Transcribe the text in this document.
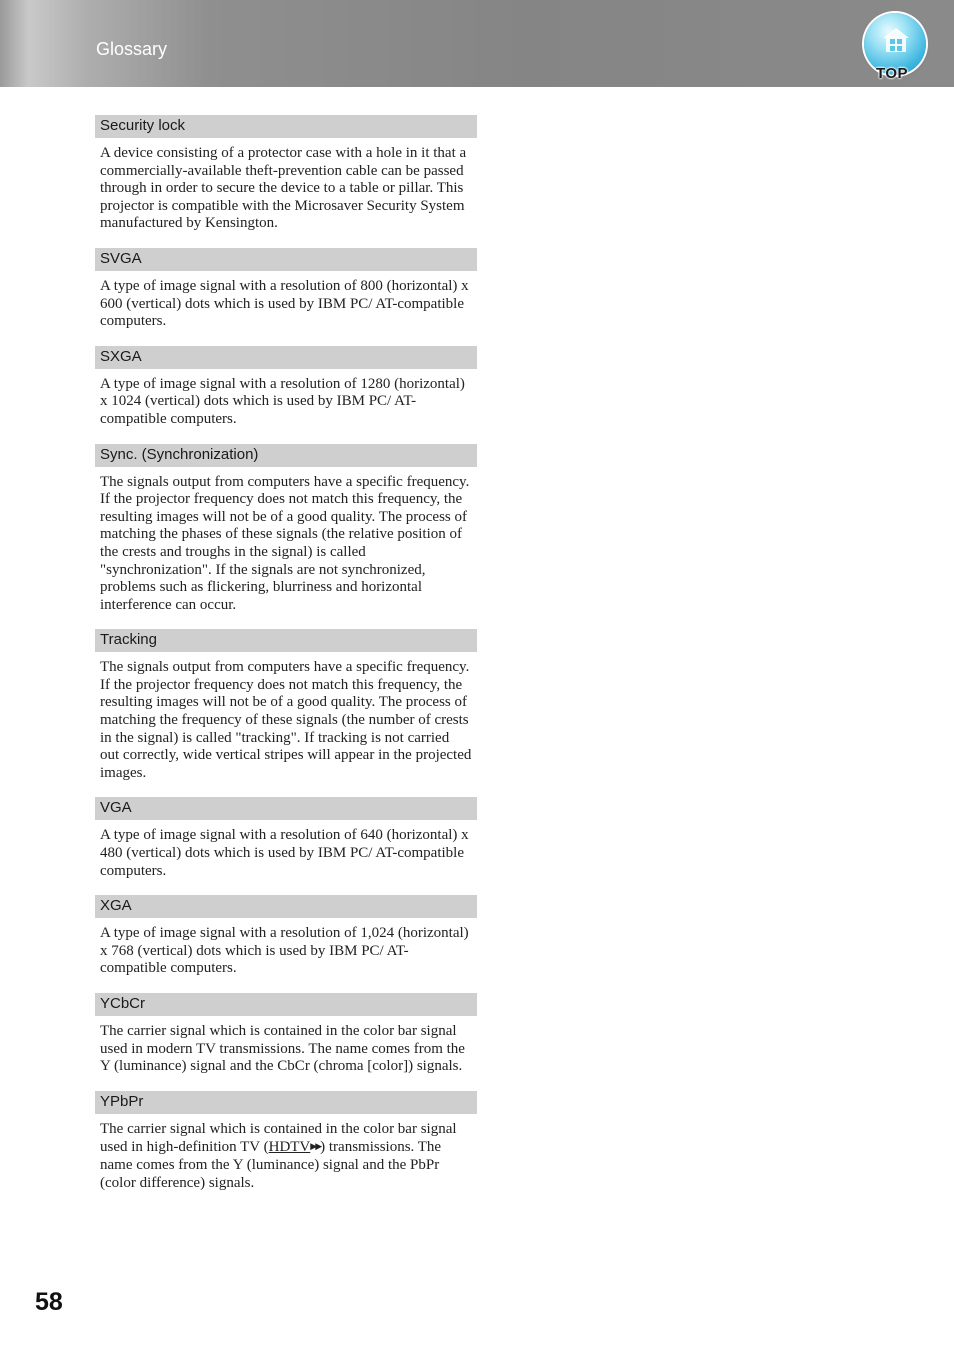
Glossary
TOP
Security lock
A device consisting of a protector case with a hole in it that a commercially-available theft-prevention cable can be passed through in order to secure the device to a table or pillar. This projector is compatible with the Microsaver Security System manufactured by Kensington.
SVGA
A type of image signal with a resolution of 800 (horizontal) x 600 (vertical) dots which is used by IBM PC/ AT-compatible computers.
SXGA
A type of image signal with a resolution of 1280 (horizontal) x 1024 (vertical) dots which is used by IBM PC/ AT-compatible computers.
Sync. (Synchronization)
The signals output from computers have a specific frequency. If the projector frequency does not match this frequency, the resulting images will not be of a good quality. The process of matching the phases of these signals (the relative position of the crests and troughs in the signal) is called "synchronization". If the signals are not synchronized, problems such as flickering, blurriness and horizontal interference can occur.
Tracking
The signals output from computers have a specific frequency. If the projector frequency does not match this frequency, the resulting images will not be of a good quality. The process of matching the frequency of these signals (the number of crests in the signal) is called "tracking". If tracking is not carried out correctly, wide vertical stripes will appear in the projected images.
VGA
A type of image signal with a resolution of 640 (horizontal) x 480 (vertical) dots which is used by IBM PC/ AT-compatible computers.
XGA
A type of image signal with a resolution of 1,024 (horizontal) x 768 (vertical) dots which is used by IBM PC/ AT-compatible computers.
YCbCr
The carrier signal which is contained in the color bar signal used in modern TV transmissions. The name comes from the Y (luminance) signal and the CbCr (chroma [color]) signals.
YPbPr
The carrier signal which is contained in the color bar signal used in high-definition TV (HDTV▶▶) transmissions. The name comes from the Y (luminance) signal and the PbPr (color difference) signals.
58
